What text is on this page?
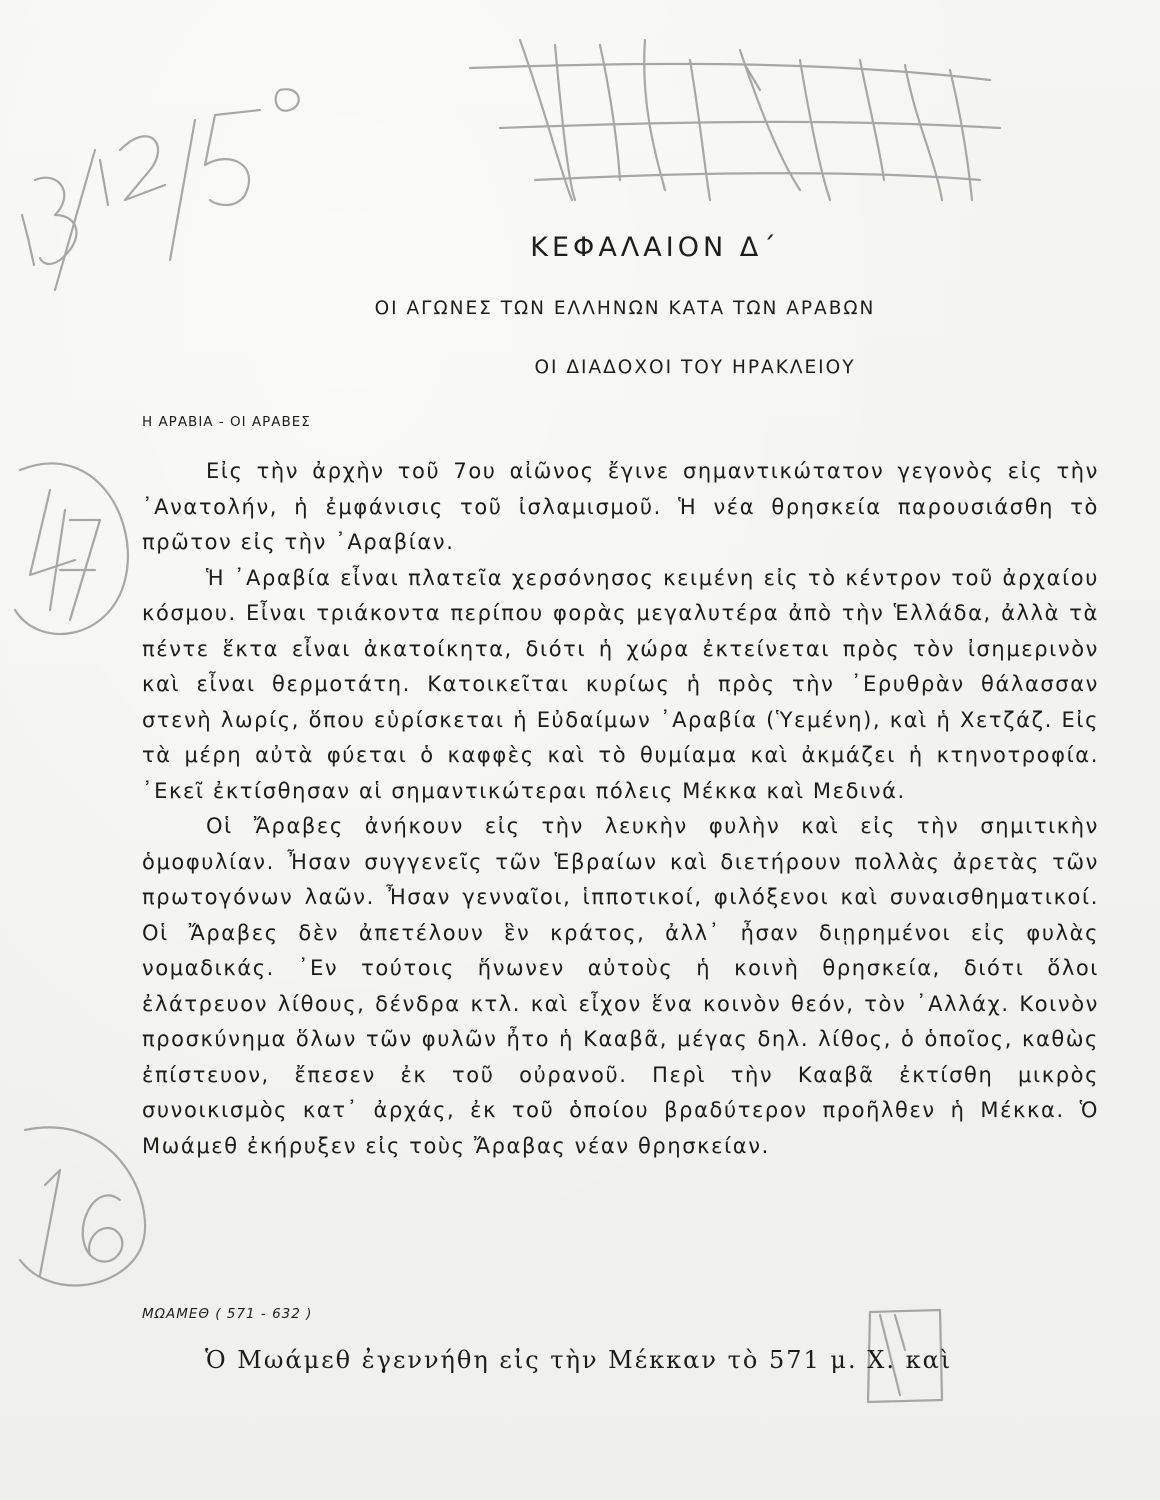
ΚΕΦΑΛΑΙΟΝ Δ΄
ΟΙ ΑΓΩΝΕΣ ΤΩΝ ΕΛΛΗΝΩΝ ΚΑΤΑ ΤΩΝ ΑΡΑΒΩΝ
ΟΙ ΔΙΑΔΟΧΟΙ ΤΟΥ ΗΡΑΚΛΕΙΟΥ
Η ΑΡΑΒΙΑ - ΟΙ ΑΡΑΒΕΣ

Εἰς τὴν ἀρχὴν τοῦ 7ου αἰῶνος ἔγινε σημαντικώτατον γεγονὸς εἰς τὴν ᾿Ανατολήν, ἡ ἐμφάνισις τοῦ ἰσλαμισμοῦ. Ἡ νέα θρησκεία παρουσιάσθη τὸ πρῶτον εἰς τὴν ᾿Αραβίαν.

Ἡ ᾿Αραβία εἶναι πλατεῖα χερσόνησος κειμένη εἰς τὸ κέντρον τοῦ ἀρχαίου κόσμου. Εἶναι τριάκοντα περίπου φορὰς μεγαλυτέρα ἀπὸ τὴν Ἑλλάδα, ἀλλὰ τὰ πέντε ἕκτα εἶναι ἀκατοίκητα, διότι ἡ χώρα ἐκτείνεται πρὸς τὸν ἰσημερινὸν καὶ εἶναι θερμοτάτη. Κατοικεῖται κυρίως ἡ πρὸς τὴν ᾿Ερυθρὰν θάλασσαν στενὴ λωρίς, ὅπου εὑρίσκεται ἡ Εὐδαίμων ᾿Αραβία (Ὑεμένη), καὶ ἡ Χετζάζ. Εἰς τὰ μέρη αὐτὰ φύεται ὁ καφφὲς καὶ τὸ θυμίαμα καὶ ἀκμάζει ἡ κτηνοτροφία. ᾿Εκεῖ ἐκτίσθησαν αἱ σημαντικώτεραι πόλεις Μέκκα καὶ Μεδινά.

Οἱ Ἄραβες ἀνήκουν εἰς τὴν λευκὴν φυλὴν καὶ εἰς τὴν σημιτικὴν ὁμοφυλίαν. Ἦσαν συγγενεῖς τῶν Ἑβραίων καὶ διετήρουν πολλὰς ἀρετὰς τῶν πρωτογόνων λαῶν. Ἦσαν γενναῖοι, ἱπποτικοί, φιλόξενοι καὶ συναισθηματικοί. Οἱ Ἄραβες δὲν ἀπετέλουν ἓν κράτος, ἀλλ᾿ ἦσαν διῃρημένοι εἰς φυλὰς νομαδικάς. ᾿Εν τούτοις ἥνωνεν αὐτοὺς ἡ κοινὴ θρησκεία, διότι ὅλοι ἐλάτρευον λίθους, δένδρα κτλ. καὶ εἶχον ἕνα κοινὸν θεόν, τὸν ᾿Αλλάχ. Κοινὸν προσκύνημα ὅλων τῶν φυλῶν ἦτο ἡ Κααβᾶ, μέγας δηλ. λίθος, ὁ ὁποῖος, καθὼς ἐπίστευον, ἔπεσεν ἐκ τοῦ οὐρανοῦ. Περὶ τὴν Κααβᾶ ἐκτίσθη μικρὸς συνοικισμὸς κατ᾿ ἀρχάς, ἐκ τοῦ ὁποίου βραδύτερον προῆλθεν ἡ Μέκκα. Ὁ Μωάμεθ ἐκήρυξεν εἰς τοὺς Ἄραβας νέαν θρησκείαν.

ΜΩΑΜΕΘ ( 571 - 632 )

Ὁ Μωάμεθ ἐγεννήθη εἰς τὴν Μέκκαν τὸ 571 μ. Χ. καὶ
